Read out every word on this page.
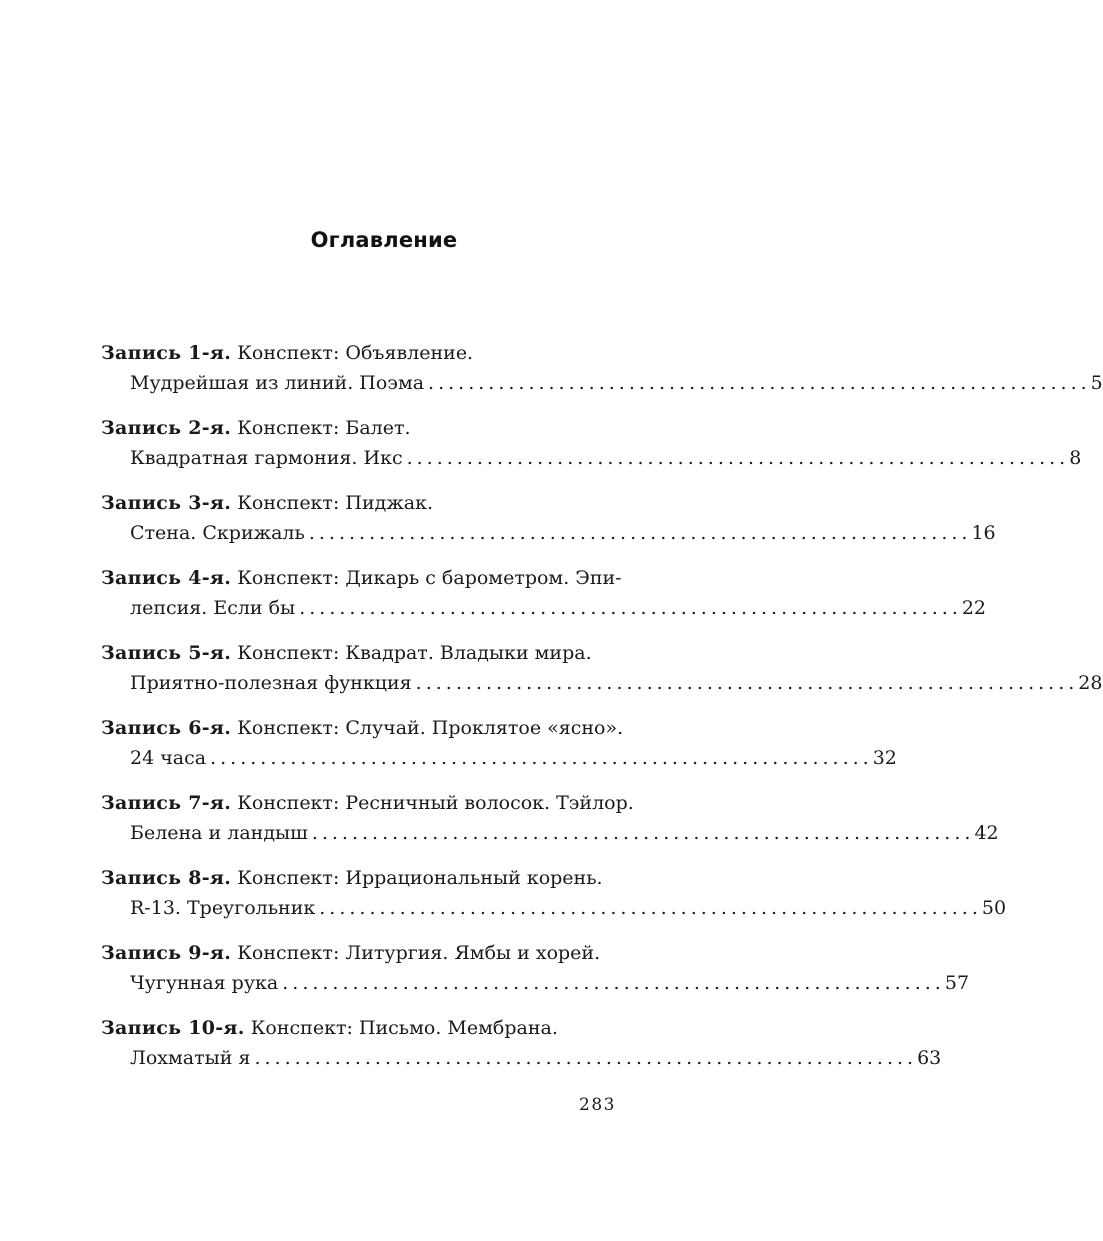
Оглавление
Запись 1-я. Конспект: Объявление.
Мудрейшая из линий. Поэма .................................................................. 5
Запись 2-я. Конспект: Балет.
Квадратная гармония. Икс .................................................................. 8
Запись 3-я. Конспект: Пиджак.
Стена. Скрижаль .................................................................. 16
Запись 4-я. Конспект: Дикарь с барометром. Эпи-
лепсия. Если бы .................................................................. 22
Запись 5-я. Конспект: Квадрат. Владыки мира.
Приятно-полезная функция .................................................................. 28
Запись 6-я. Конспект: Случай. Проклятое «ясно».
24 часа .................................................................. 32
Запись 7-я. Конспект: Ресничный волосок. Тэйлор.
Белена и ландыш .................................................................. 42
Запись 8-я. Конспект: Иррациональный корень.
R-13. Треугольник .................................................................. 50
Запись 9-я. Конспект: Литургия. Ямбы и хорей.
Чугунная рука .................................................................. 57
Запись 10-я. Конспект: Письмо. Мембрана.
Лохматый я .................................................................. 63
283
